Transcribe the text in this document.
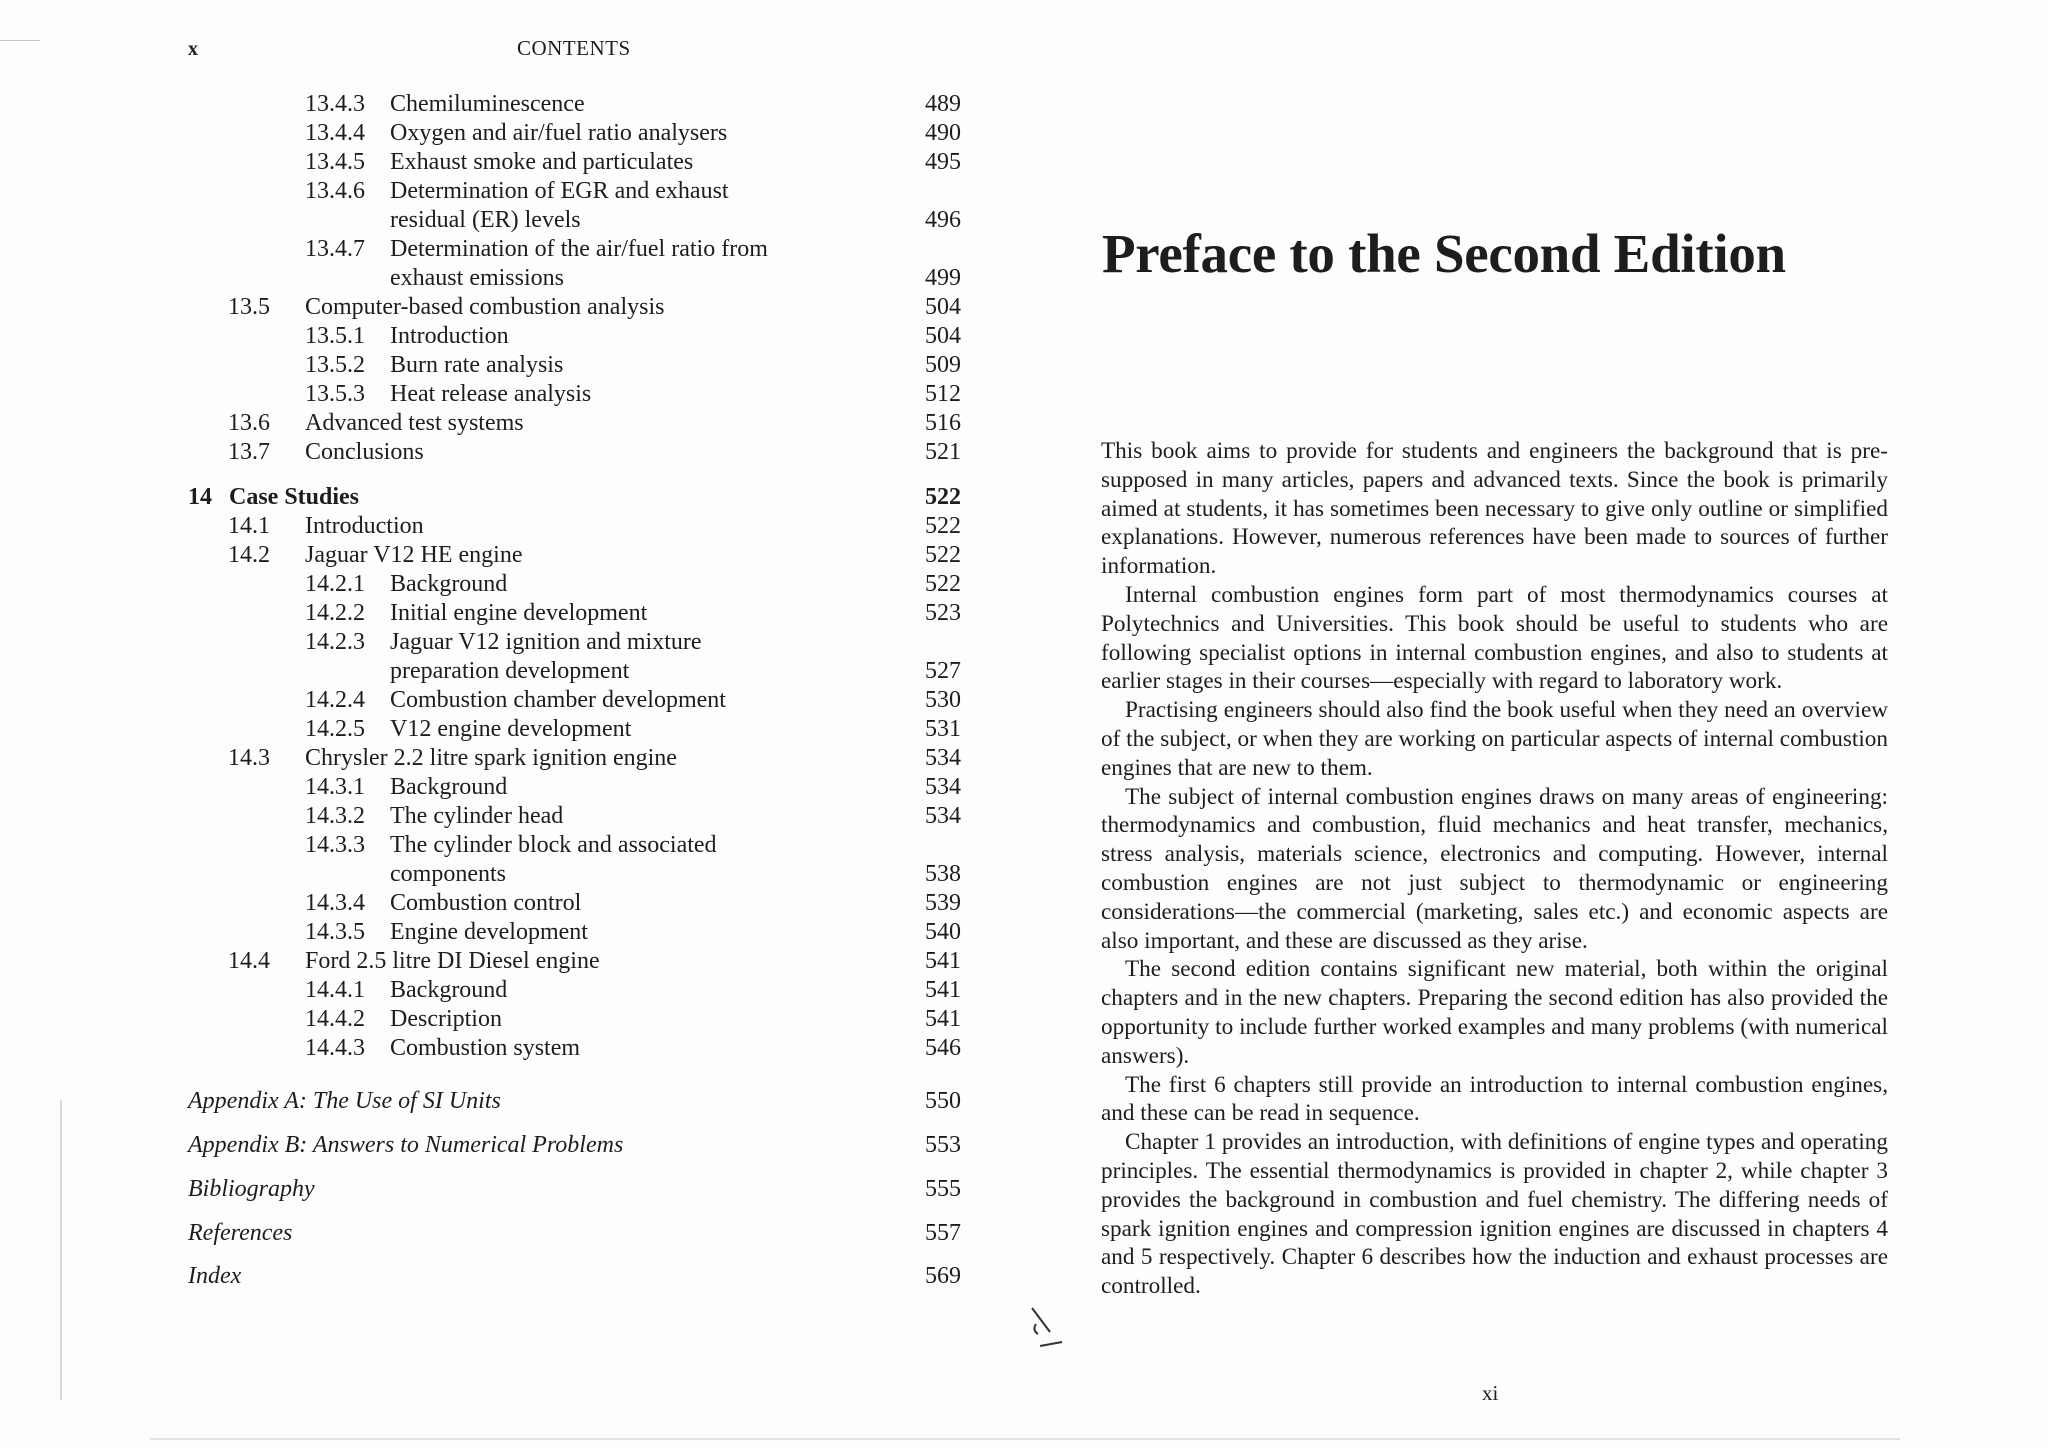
x	CONTENTS
13.4.3 Chemiluminescence	489
13.4.4 Oxygen and air/fuel ratio analysers	490
13.4.5 Exhaust smoke and particulates	495
13.4.6 Determination of EGR and exhaust
residual (ER) levels	496
13.4.7 Determination of the air/fuel ratio from
exhaust emissions	499
13.5 Computer-based combustion analysis	504
13.5.1 Introduction	504
13.5.2 Burn rate analysis	509
13.5.3 Heat release analysis	512
13.6 Advanced test systems	516
13.7 Conclusions	521
14 Case Studies	522
14.1 Introduction	522
14.2 Jaguar V12 HE engine	522
14.2.1 Background	522
14.2.2 Initial engine development	523
14.2.3 Jaguar V12 ignition and mixture
preparation development	527
14.2.4 Combustion chamber development	530
14.2.5 V12 engine development	531
14.3 Chrysler 2.2 litre spark ignition engine	534
14.3.1 Background	534
14.3.2 The cylinder head	534
14.3.3 The cylinder block and associated
components	538
14.3.4 Combustion control	539
14.3.5 Engine development	540
14.4 Ford 2.5 litre DI Diesel engine	541
14.4.1 Background	541
14.4.2 Description	541
14.4.3 Combustion system	546
Appendix A: The Use of SI Units	550
Appendix B: Answers to Numerical Problems	553
Bibliography	555
References	557
Index	569
Preface to the Second Edition

This book aims to provide for students and engineers the background that is pre-supposed in many articles, papers and advanced texts. Since the book is primarily aimed at students, it has sometimes been necessary to give only outline or simplified explanations. However, numerous references have been made to sources of further information.

Internal combustion engines form part of most thermodynamics courses at Polytechnics and Universities. This book should be useful to students who are following specialist options in internal combustion engines, and also to students at earlier stages in their courses—especially with regard to laboratory work.

Practising engineers should also find the book useful when they need an overview of the subject, or when they are working on particular aspects of internal combustion engines that are new to them.

The subject of internal combustion engines draws on many areas of engineering: thermodynamics and combustion, fluid mechanics and heat transfer, mechanics, stress analysis, materials science, electronics and computing. However, internal combustion engines are not just subject to thermodynamic or engineering considerations—the commercial (marketing, sales etc.) and economic aspects are also important, and these are discussed as they arise.

The second edition contains significant new material, both within the original chapters and in the new chapters. Preparing the second edition has also provided the opportunity to include further worked examples and many problems (with numerical answers).

The first 6 chapters still provide an introduction to internal combustion engines, and these can be read in sequence.

Chapter 1 provides an introduction, with definitions of engine types and operating principles. The essential thermodynamics is provided in chapter 2, while chapter 3 provides the background in combustion and fuel chemistry. The differing needs of spark ignition engines and compression ignition engines are discussed in chapters 4 and 5 respectively. Chapter 6 describes how the induction and exhaust processes are controlled.

xi
